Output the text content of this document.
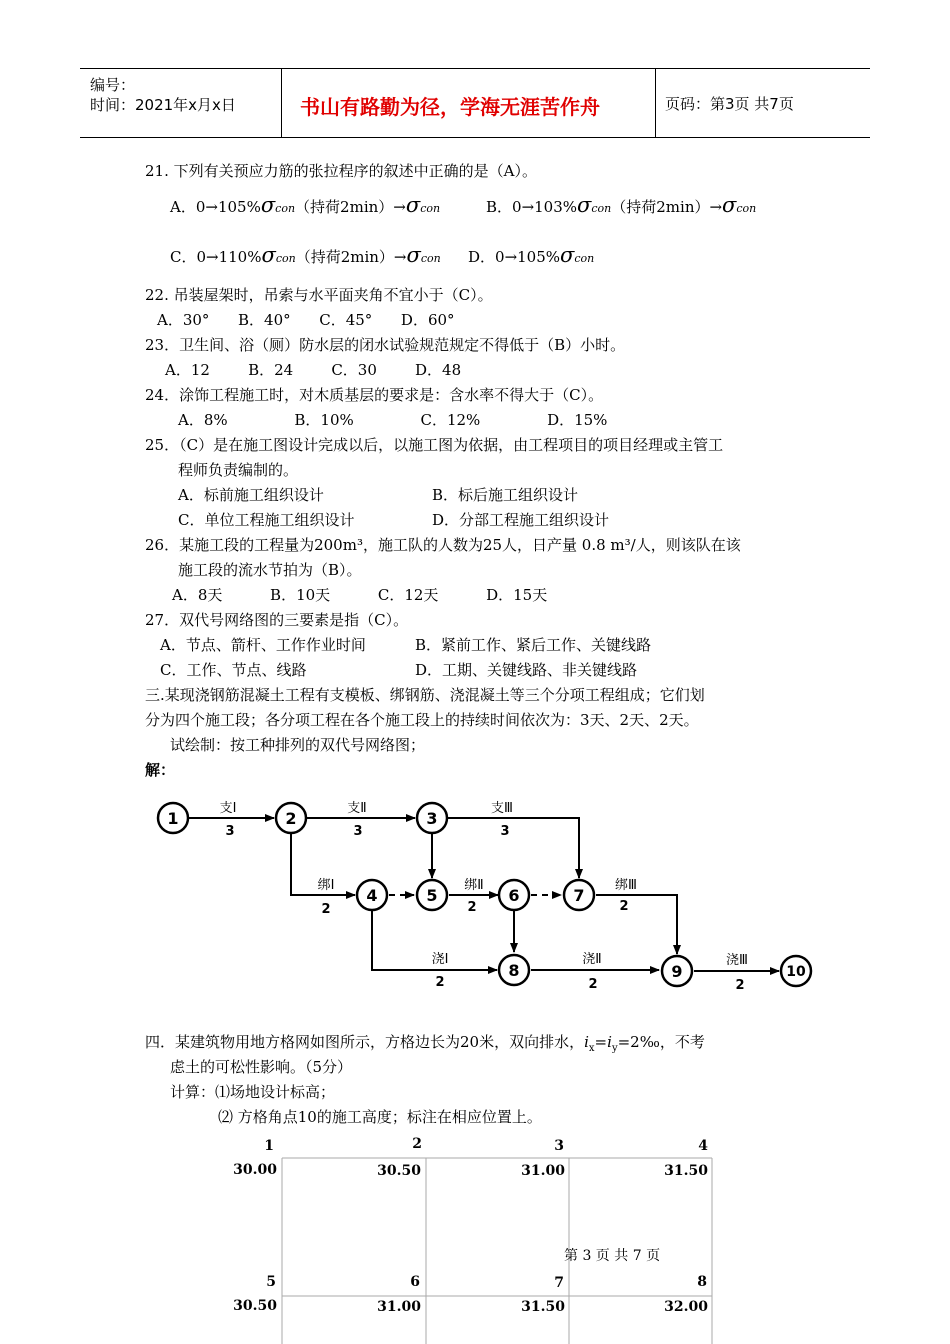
编号：
时间：2021年x月x日	书山有路勤为径，学海无涯苦作舟	页码：第3页 共7页
21. 下列有关预应力筋的张拉程序的叙述中正确的是（A）。
A．0→105%σcon（持荷2min）→σcon	B．0→103%σcon（持荷2min）→σcon
C．0→110%σcon（持荷2min）→σcon D．0→105%σcon
22. 吊装屋架时，吊索与水平面夹角不宜小于（C）。
A．30°      B．40°      C．45°      D．60°
23．卫生间、浴（厕）防水层的闭水试验规范规定不得低于（B）小时。
A．12        B．24        C．30        D．48
24．涂饰工程施工时，对木质基层的要求是：含水率不得大于（C）。
A．8%              B．10%              C．12%              D．15%
25．（C）是在施工图设计完成以后，以施工图为依据，由工程项目的项目经理或主管工
程师负责编制的。
A．标前施工组织设计	B．标后施工组织设计
C．单位工程施工组织设计	D．分部工程施工组织设计
26．某施工段的工程量为200m³，施工队的人数为25人，日产量 0.8 m³/人，则该队在该
施工段的流水节拍为（B）。
A．8天          B．10天          C．12天          D．15天
27．双代号网络图的三要素是指（C）。
A．节点、箭杆、工作作业时间	B．紧前工作、紧后工作、关键线路
C．工作、节点、线路	D．工期、关键线路、非关键线路
三.某现浇钢筋混凝土工程有支模板、绑钢筋、浇混凝土等三个分项工程组成；它们划
分为四个施工段；各分项工程在各个施工段上的持续时间依次为：3天、2天、2天。
试绘制：按工种排列的双代号网络图；
解：
1	2	3
4	5	6	7
8	9	10
支Ⅰ
3
支Ⅱ
3
支Ⅲ
3
绑Ⅰ
2
绑Ⅱ
2
绑Ⅲ
2
浇Ⅰ
2
浇Ⅱ
2
浇Ⅲ
2
四．某建筑物用地方格网如图所示，方格边长为20米，双向排水，$i_x=i_y=2‰$，不考
虑土的可松性影响。（5分）
计算：⑴场地设计标高；
⑵ 方格角点10的施工高度；标注在相应位置上。
1
30.00
2
30.50
3
31.00
4
31.50
5
30.50
6
31.00
7
31.50
8
32.00
第 3 页 共 7 页
